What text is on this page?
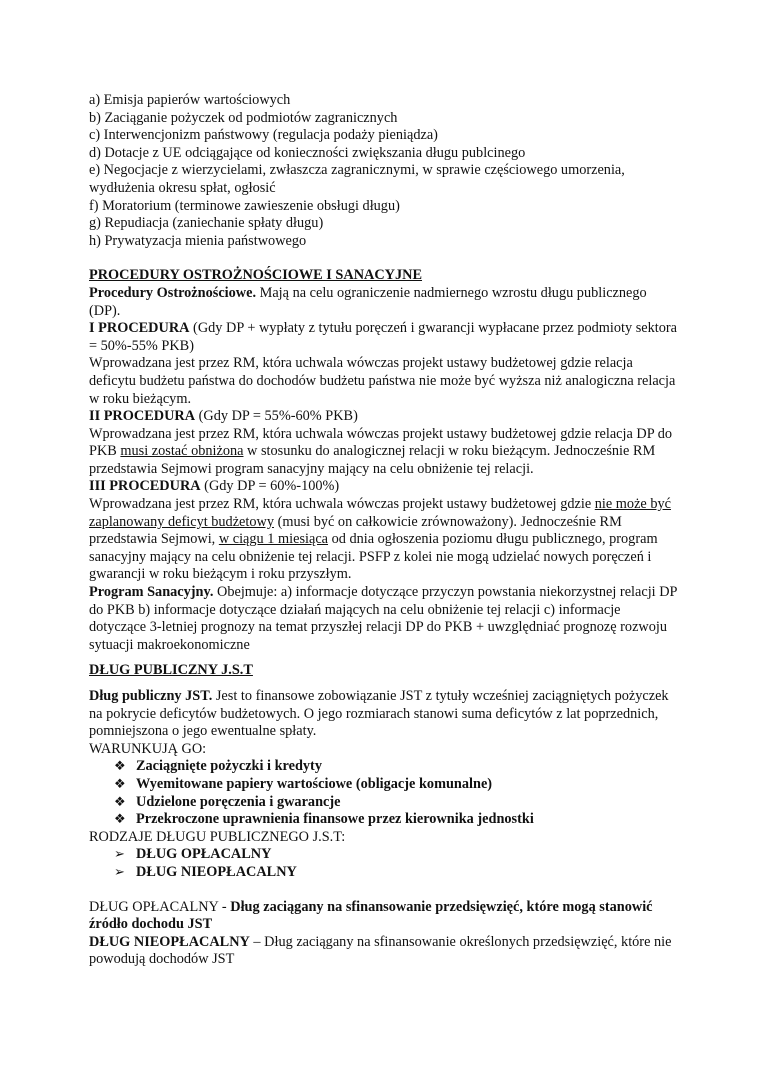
a) Emisja papierów wartościowych

b) Zaciąganie pożyczek od podmiotów zagranicznych

c) Interwencjonizm państwowy (regulacja podaży pieniądza)

d) Dotacje z UE odciągające od konieczności zwiększania długu publcinego

e) Negocjacje z wierzycielami, zwłaszcza zagranicznymi, w sprawie częściowego umorzenia, wydłużenia okresu spłat, ogłosić

f) Moratorium (terminowe zawieszenie obsługi długu)

g) Repudiacja (zaniechanie spłaty długu)

h) Prywatyzacja mienia państwowego

PROCEDURY OSTROŻNOŚCIOWE I SANACYJNE

Procedury Ostrożnościowe. Mają na celu ograniczenie nadmiernego wzrostu długu publicznego (DP).

I PROCEDURA (Gdy DP + wypłaty z tytułu poręczeń i gwarancji wypłacane przez podmioty sektora = 50%-55% PKB)

Wprowadzana jest przez RM, która uchwala wówczas projekt ustawy budżetowej gdzie relacja deficytu budżetu państwa do dochodów budżetu państwa nie może być wyższa niż analogiczna relacja w roku bieżącym.

II PROCEDURA (Gdy DP = 55%-60% PKB)

Wprowadzana jest przez RM, która uchwala wówczas projekt ustawy budżetowej gdzie relacja DP do PKB musi zostać obniżona w stosunku do analogicznej relacji w roku bieżącym. Jednocześnie RM przedstawia Sejmowi program sanacyjny mający na celu obniżenie tej relacji.

III PROCEDURA (Gdy DP = 60%-100%)

Wprowadzana jest przez RM, która uchwala wówczas projekt ustawy budżetowej gdzie nie może być zaplanowany deficyt budżetowy (musi być on całkowicie zrównoważony). Jednocześnie RM przedstawia Sejmowi, w ciągu 1 miesiąca od dnia ogłoszenia poziomu długu publicznego, program sanacyjny mający na celu obniżenie tej relacji. PSFP z kolei nie mogą udzielać nowych poręczeń i gwarancji w roku bieżącym i roku przyszłym.

Program Sanacyjny. Obejmuje: a) informacje dotyczące przyczyn powstania niekorzystnej relacji DP do PKB b) informacje dotyczące działań mających na celu obniżenie tej relacji c) informacje dotyczące 3-letniej prognozy na temat przyszłej relacji DP do PKB + uwzględniać prognozę rozwoju sytuacji makroekonomiczne

DŁUG PUBLICZNY J.S.T

Dług publiczny JST. Jest to finansowe zobowiązanie JST z tytuły wcześniej zaciągniętych pożyczek na pokrycie deficytów budżetowych. O jego rozmiarach stanowi suma deficytów z lat poprzednich, pomniejszona o jego ewentualne spłaty.

WARUNKUJĄ GO:

❖ Zaciągnięte pożyczki i kredyty
❖ Wyemitowane papiery wartościowe (obligacje komunalne)
❖ Udzielone poręczenia i gwarancje
❖ Przekroczone uprawnienia finansowe przez kierownika jednostki

RODZAJE DŁUGU PUBLICZNEGO J.S.T:

➢ DŁUG OPŁACALNY
➢ DŁUG NIEOPŁACALNY

DŁUG OPŁACALNY - Dług zaciągany na sfinansowanie przedsięwzięć, które mogą stanowić źródło dochodu JST

DŁUG NIEOPŁACALNY – Dług zaciągany na sfinansowanie określonych przedsięwzięć, które nie powodują dochodów JST
